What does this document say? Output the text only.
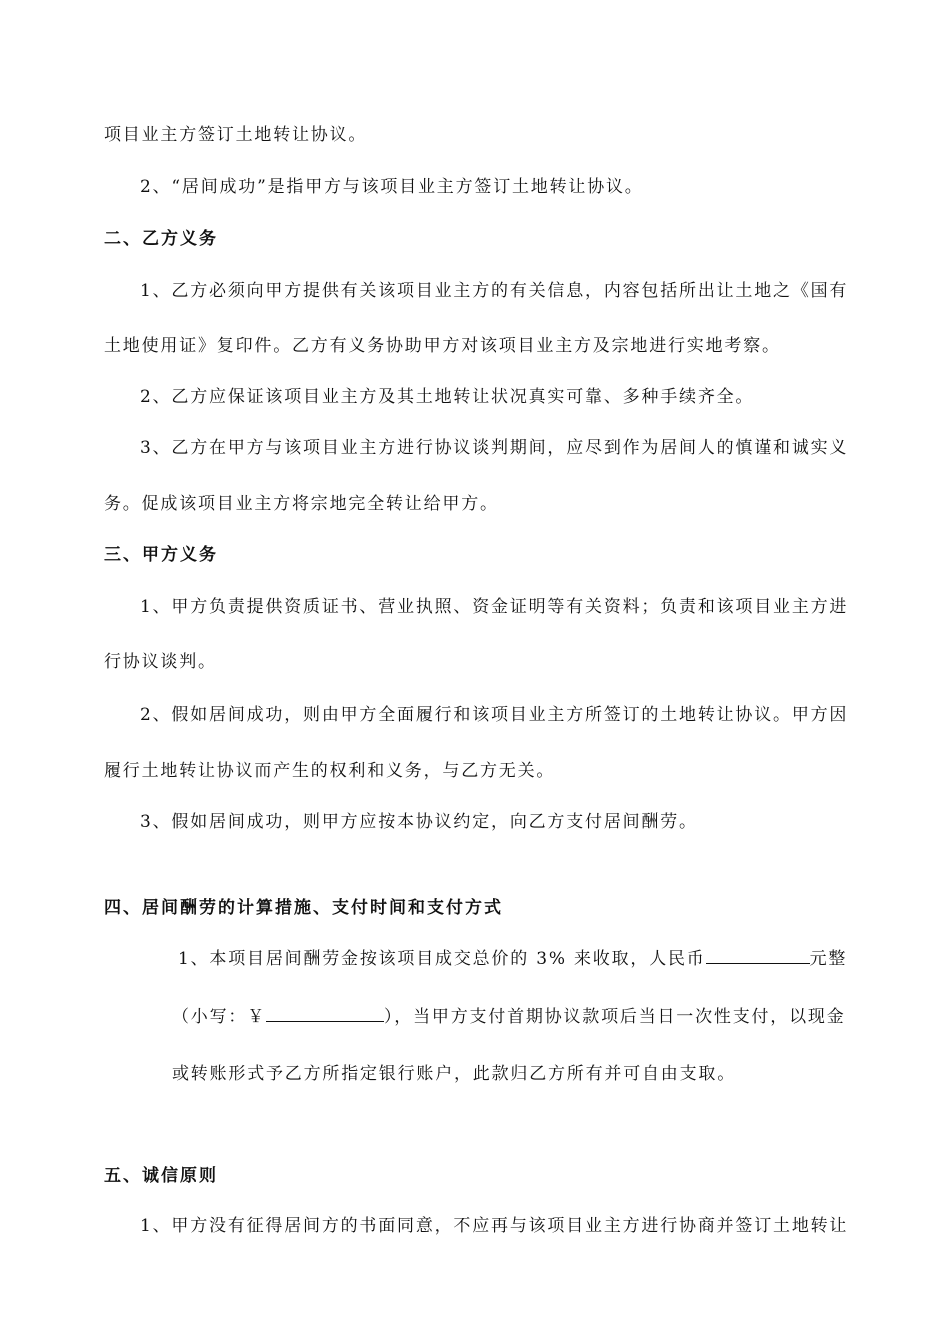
项目业主方签订土地转让协议。
2、“居间成功”是指甲方与该项目业主方签订土地转让协议。
二、乙方义务
1、乙方必须向甲方提供有关该项目业主方的有关信息，内容包括所出让土地之《国有
土地使用证》复印件。乙方有义务协助甲方对该项目业主方及宗地进行实地考察。
2、乙方应保证该项目业主方及其土地转让状况真实可靠、多种手续齐全。
3、乙方在甲方与该项目业主方进行协议谈判期间，应尽到作为居间人的慎谨和诚实义
务。促成该项目业主方将宗地完全转让给甲方。
三、甲方义务
1、甲方负责提供资质证书、营业执照、资金证明等有关资料；负责和该项目业主方进
行协议谈判。
2、假如居间成功，则由甲方全面履行和该项目业主方所签订的土地转让协议。甲方因
履行土地转让协议而产生的权利和义务，与乙方无关。
3、假如居间成功，则甲方应按本协议约定，向乙方支付居间酬劳。
四、居间酬劳的计算措施、支付时间和支付方式
1、本项目居间酬劳金按该项目成交总价的 3% 来收取，人民币	元整
（小写：￥	），当甲方支付首期协议款项后当日一次性支付，以现金
或转账形式予乙方所指定银行账户，此款归乙方所有并可自由支取。
五、诚信原则
1、甲方没有征得居间方的书面同意，不应再与该项目业主方进行协商并签订土地转让
